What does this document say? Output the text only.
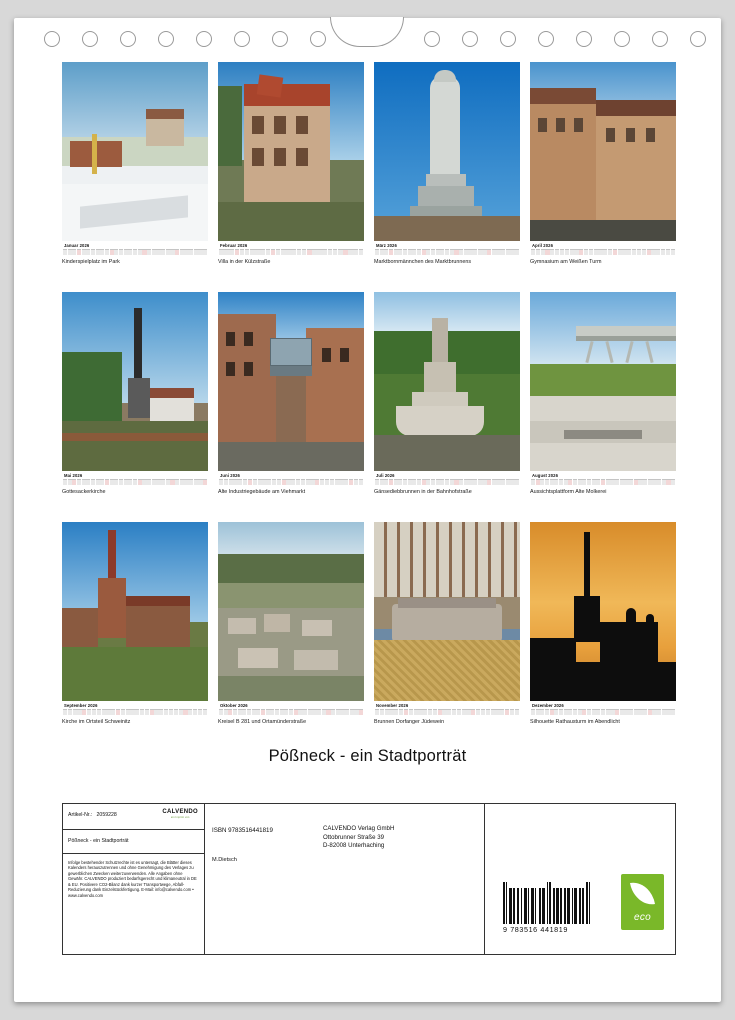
Januar 2026
Kinderspielplatz im Park
Februar 2026
Villa in der Külzstraße
März 2026
Marktbornmännchen des Marktbrunnens
April 2026
Gymnasium am Weißen Turm
Mai 2026
Gottesackerkirche
Juni 2026
Alte Industriegebäude am Viehmarkt
Juli 2026
Gänsediebbrunnen in der Bahnhofstraße
August 2026
Aussichtsplattform Alte Molkerei
September 2026
Kirche im Ortsteil Schweinitz
Oktober 2026
Kreisel B 281 und Ortamünderstraße
November 2026
Brunnen Dorfanger Jüdewein
Dezember 2026
Silhouette Rathausturm im Abendlicht
Pößneck - ein Stadtporträt
Artikel-Nr.: 2059228	CALVENDO
ein Imprint von
Pößneck - ein Stadtporträt
Infolge bestehender Schutzrechte ist es untersagt, die Blätter dieses Kalenders herauszutrennen und ohne Genehmigung des Verlages zu gewerblichen Zwecken weiterzuverwenden. Alle Angaben ohne Gewähr. CALVENDO produziert bedarfsgerecht und klimaneutral in DE & EU. Positivere CO2-Bilanz dank kurzer Transportwege, Abfall-Reduzierung dank Einzelstückfertigung. E-Mail: info@calvendo.com • www.calvendo.com
ISBN 9783516441819
M.Dietsch
CALVENDO Verlag GmbH
Ottobrunner Straße 39
D-82008 Unterhaching
9 783516 441819
eco
